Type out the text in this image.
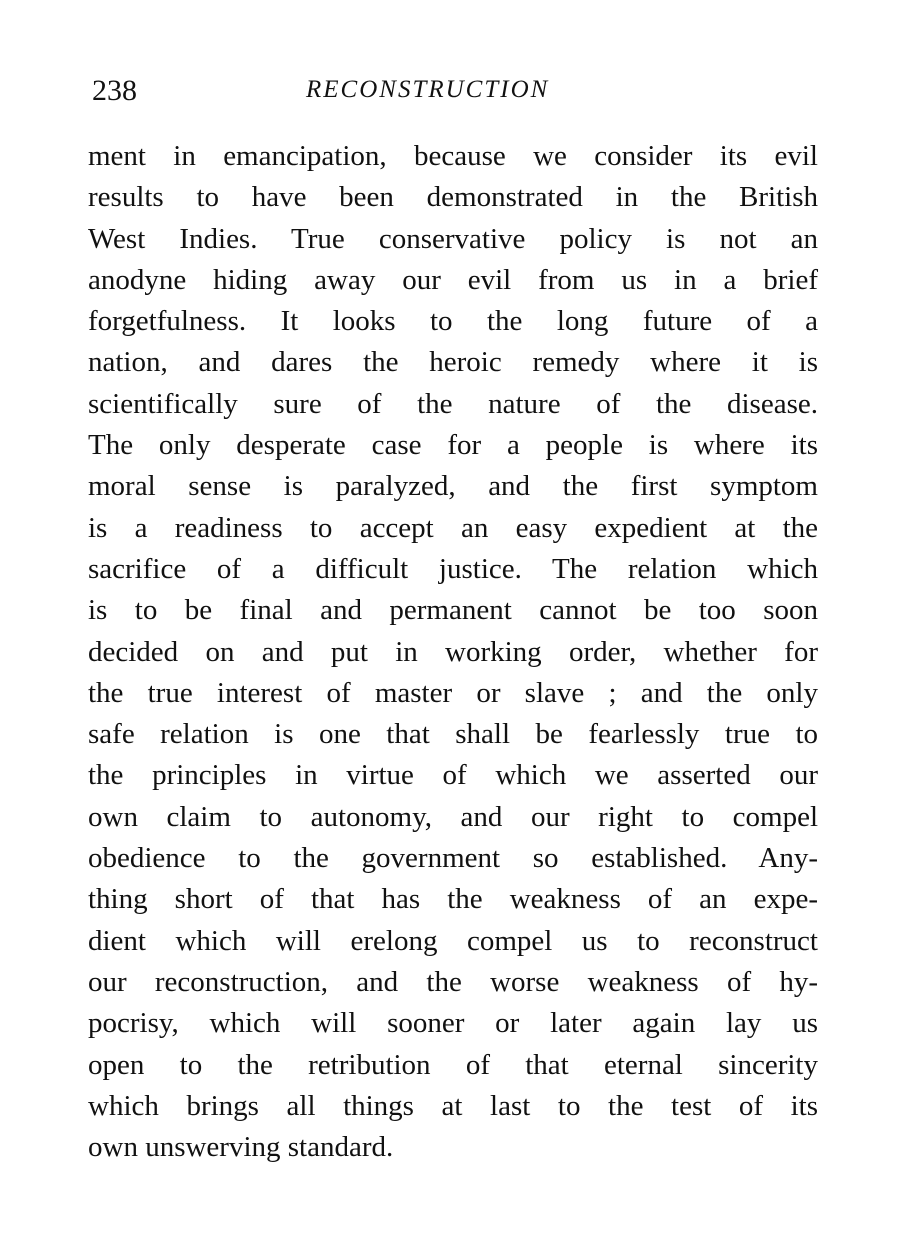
238	RECONSTRUCTION
ment in emancipation, because we consider its evil
results to have been demonstrated in the British
West Indies. True conservative policy is not an
anodyne hiding away our evil from us in a brief
forgetfulness. It looks to the long future of a
nation, and dares the heroic remedy where it is
scientifically sure of the nature of the disease.
The only desperate case for a people is where its
moral sense is paralyzed, and the first symptom
is a readiness to accept an easy expedient at the
sacrifice of a difficult justice. The relation which
is to be final and permanent cannot be too soon
decided on and put in working order, whether for
the true interest of master or slave ; and the only
safe relation is one that shall be fearlessly true to
the principles in virtue of which we asserted our
own claim to autonomy, and our right to compel
obedience to the government so established. Any-
thing short of that has the weakness of an expe-
dient which will erelong compel us to reconstruct
our reconstruction, and the worse weakness of hy-
pocrisy, which will sooner or later again lay us
open to the retribution of that eternal sincerity
which brings all things at last to the test of its
own unswerving standard.
